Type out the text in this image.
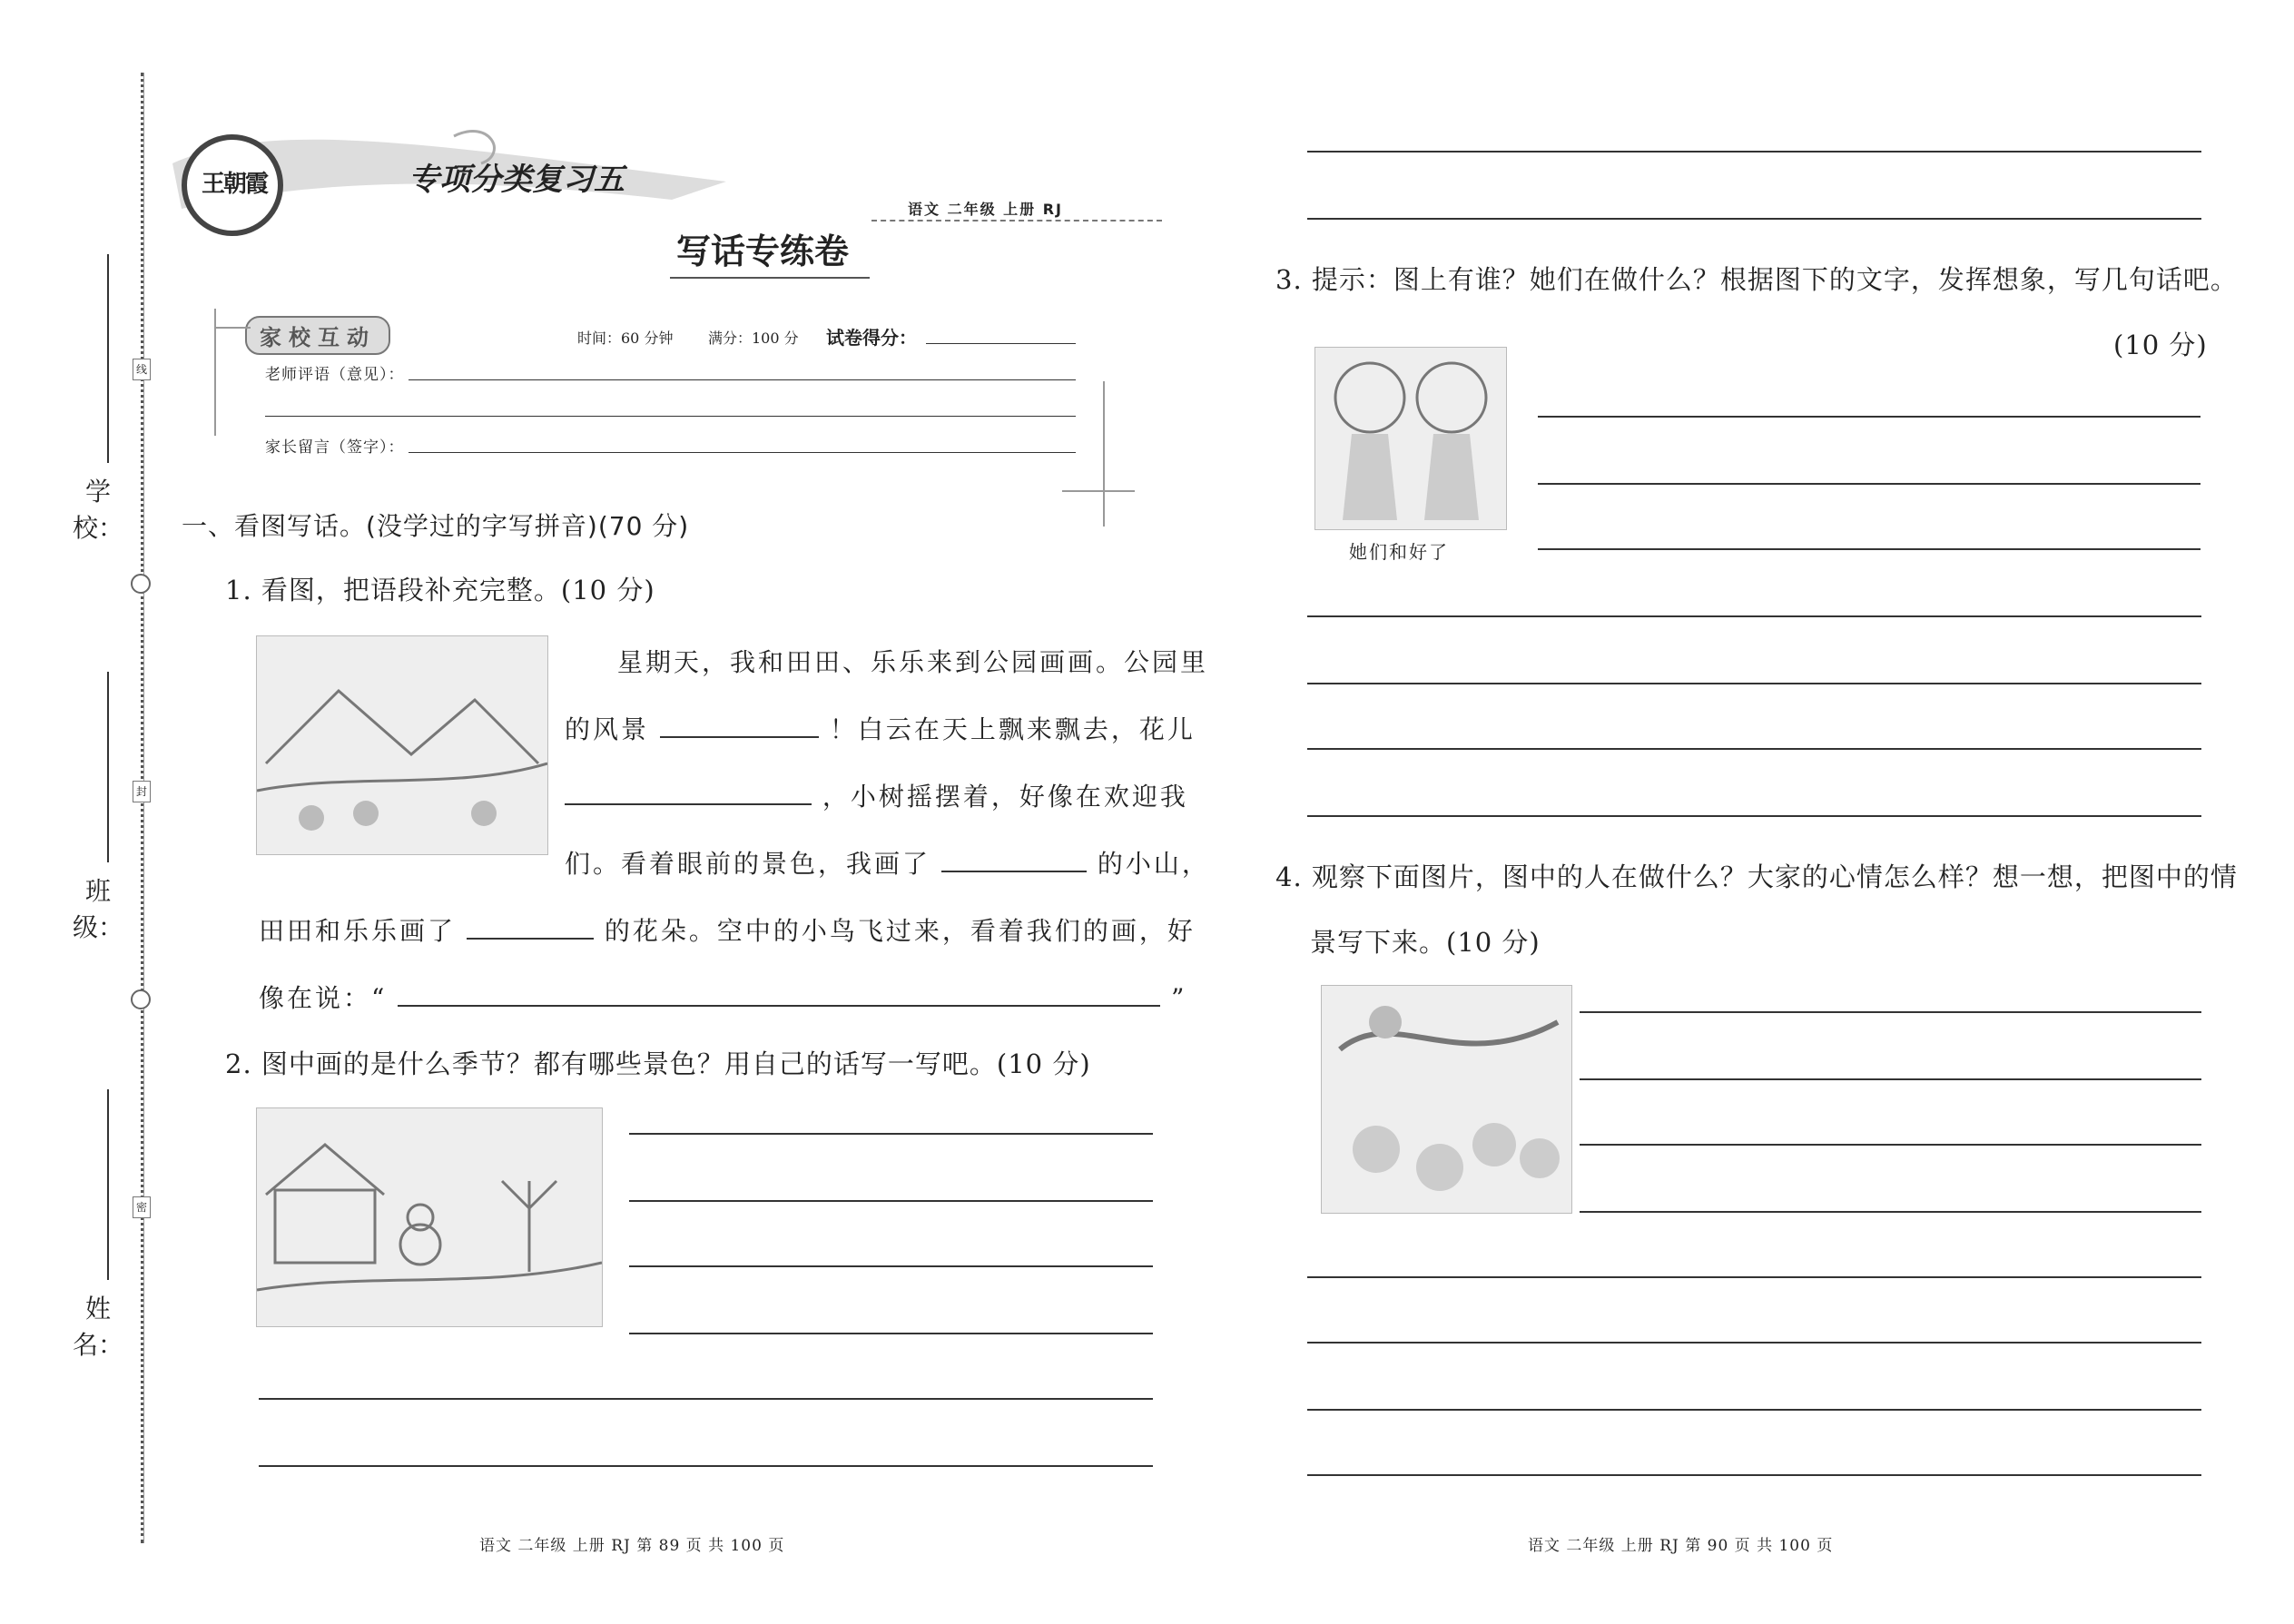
学校：
班级：
姓名：
线
封
密
王朝霞	专项分类复习五
语文 二年级 上册 RJ
写话专练卷
家校互动	时间：60 分钟 满分：100 分 试卷得分：
老师评语（意见）：
家长留言（签字）：
一、看图写话。(没学过的字写拼音)(70 分)
1. 看图，把语段补充完整。(10 分)
星期天，我和田田、乐乐来到公园画画。公园里
的风景	！白云在天上飘来飘去，花儿
，小树摇摆着，好像在欢迎我
们。看着眼前的景色，我画了	的小山，
田田和乐乐画了	的花朵。空中的小鸟飞过来，看着我们的画，好
像在说：“	”
2. 图中画的是什么季节？都有哪些景色？用自己的话写一写吧。(10 分)
语文 二年级 上册 RJ 第 89 页 共 100 页
3. 提示：图上有谁？她们在做什么？根据图下的文字，发挥想象，写几句话吧。
(10 分)
她们和好了
4. 观察下面图片，图中的人在做什么？大家的心情怎么样？想一想，把图中的情
景写下来。(10 分)
语文 二年级 上册 RJ 第 90 页 共 100 页
